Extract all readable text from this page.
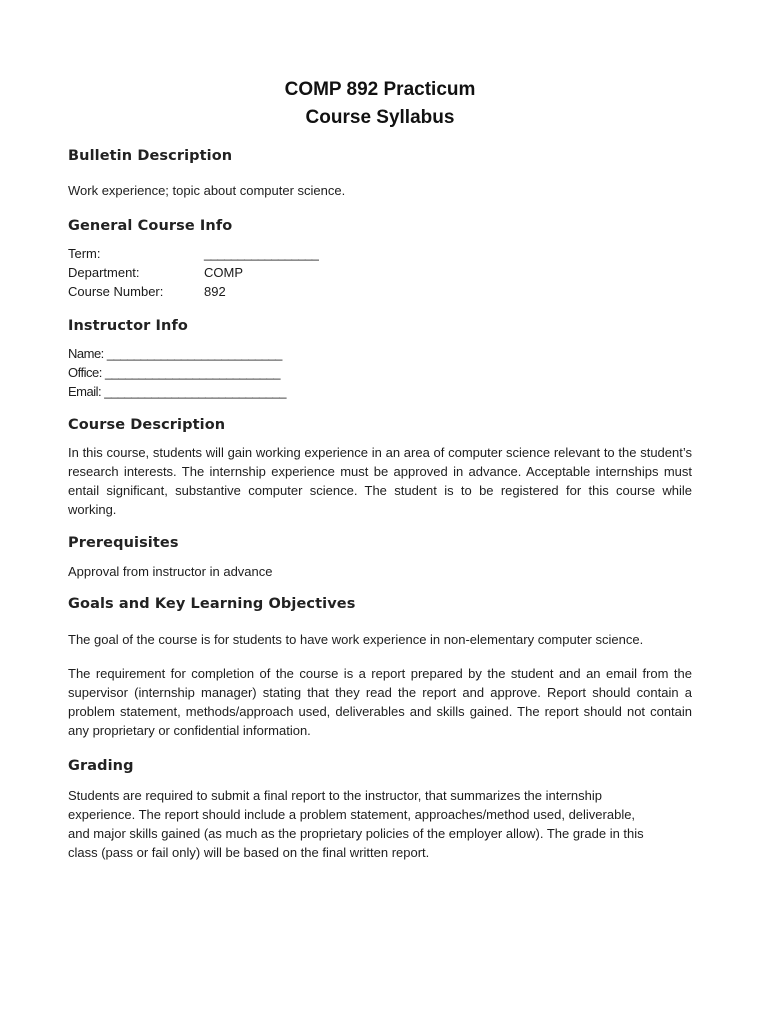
COMP 892 Practicum
Course Syllabus
Bulletin Description

Work experience; topic about computer science.

General Course Info
Term:	_________________
Department:	COMP
Course Number:	892
Instructor Info
Name: __________________________
Office: __________________________
Email: ___________________________
Course Description

In this course, students will gain working experience in an area of computer science relevant to the student’s research interests. The internship experience must be approved in advance. Acceptable internships must entail significant, substantive computer science. The student is to be registered for this course while working.

Prerequisites

Approval from instructor in advance

Goals and Key Learning Objectives

The goal of the course is for students to have work experience in non-elementary computer science.

The requirement for completion of the course is a report prepared by the student and an email from the supervisor (internship manager) stating that they read the report and approve. Report should contain a problem statement, methods/approach used, deliverables and skills gained. The report should not contain any proprietary or confidential information.

Grading
Students are required to submit a final report to the instructor, that summarizes the internship
experience. The report should include a problem statement, approaches/method used, deliverable,
and major skills gained (as much as the proprietary policies of the employer allow). The grade in this
class (pass or fail only) will be based on the final written report.
